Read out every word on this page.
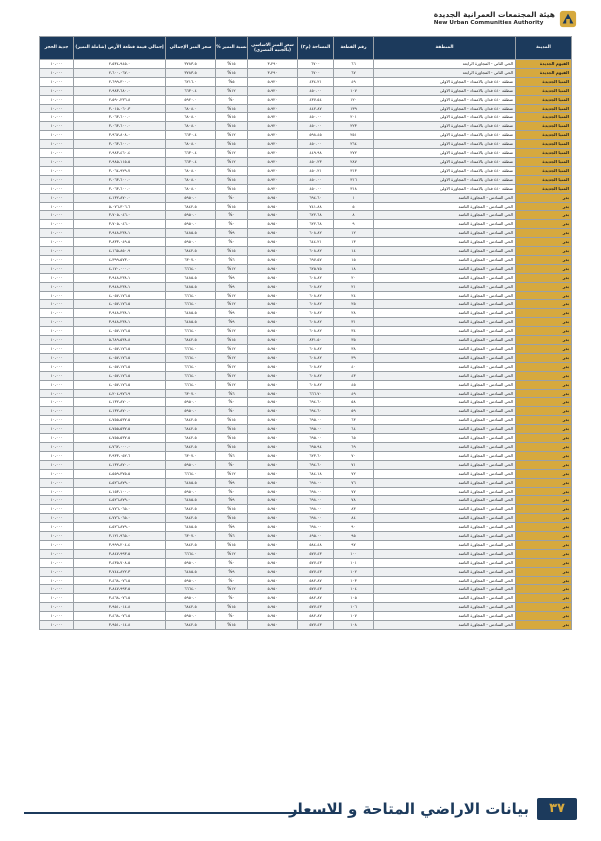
هيئة المجتمعات العمرانية الجديدة
New Urban Communities Authority
المدينة	المنطقة	رقم القطعة	المساحة (م٢)	سعر المتر الاساسي (بالجنيه المصري)	نسبة التميز %	سعر المتر الإجمالي	إجمالي قيمة قطعة الأرض (شاملة التميز)	جدية الحجز
الفيوم الجديدة	الحي الثاني - المجاورة الرابعة	٦٦	٦٧٠٠	٣،٢٩٠	١٥%	٣٧٨٣.٥	٢،٥٣٤،٩٤٥.٠	١٠،٠٠٠
الفيوم الجديدة	الحي الثاني - المجاورة الرابعة	٦٧	٦٧٠٠	٣،٢٩٠	١٥%	٣٧٨٣.٥	٢،٦٠٠،٠٦٧.٠	١٠،٠٠٠
المنيا الجديدة	منطقة ٤٤٠ فدان بالامتداد - المجاورة الاولى	٤٩	٤٣٤.٢١	٥،٩٢٠	٥%	٦٢١٦.٠	٢،٦٩٩،٣٠٠.٠	١٠،٠٠٠
المنيا الجديدة	منطقة ٤٤٠ فدان بالامتداد - المجاورة الاولى	١٠٧	٤٥٠.٠٠	٥،٩٢٠	١٢%	٦٦٣٠.٤	٢،٩٨٣،٦٨٠.٠	١٠،٠٠٠
المنيا الجديدة	منطقة ٤٤٠ فدان بالامتداد - المجاورة الاولى	١٢٠	٤٣٧.٥٤	٥،٩٢٠	٠%	٥٩٢٠.٠	٢،٥٩٠،٢٣٦.٨	١٠،٠٠٠
المنيا الجديدة	منطقة ٤٤٠ فدان بالامتداد - المجاورة الاولى	١٣٩	٤٤٢.٨٧	٥،٩٢٠	١٥%	٦٨٠٨.٠	٣،٠١٥،٠٦٠.٣	١٠،٠٠٠
المنيا الجديدة	منطقة ٤٤٠ فدان بالامتداد - المجاورة الاولى	٢٠١	٤٥٠.٠٠	٥،٩٢٠	١٥%	٦٨٠٨.٠	٣،٠٦٣،٦٠٠.٠	١٠،٠٠٠
المنيا الجديدة	منطقة ٤٤٠ فدان بالامتداد - المجاورة الاولى	٢٢٣	٤٥٠.٠٠	٥،٩٢٠	١٥%	٦٨٠٨.٠	٣،٠٦٣،٦٠٠.٠	١٠،٠٠٠
المنيا الجديدة	منطقة ٤٤٠ فدان بالامتداد - المجاورة الاولى	٢٥١	٥٩٨.٤٥	٥،٩٢٠	١٢%	٦٦٣٠.٤	٣،٩٦٧،٨٠٨.٠	١٠،٠٠٠
المنيا الجديدة	منطقة ٤٤٠ فدان بالامتداد - المجاورة الاولى	٢٦٤	٤٥٠.٠٠	٥،٩٢٠	١٥%	٦٨٠٨.٠	٣،٠٦٣،٦٠٠.٠	١٠،٠٠٠
المنيا الجديدة	منطقة ٤٤٠ فدان بالامتداد - المجاورة الاولى	٢٧٢	٤٤٩.٩٨	٥،٩٢٠	١٢%	٦٦٣٠.٤	٢،٩٨٣،٤٦٠.٤	١٠،٠٠٠
المنيا الجديدة	منطقة ٤٤٠ فدان بالامتداد - المجاورة الاولى	٢٨٧	٤٥٠.٢٣	٥،٩٢٠	١٢%	٦٦٣٠.٤	٢،٩٨٥،١١٥.٥	١٠،٠٠٠
المنيا الجديدة	منطقة ٤٤٠ فدان بالامتداد - المجاورة الاولى	٣١٣	٤٥٠.٢١	٥،٩٢٠	١٥%	٦٨٠٨.٠	٣،٠٦٤،٩٢٩.٧	١٠،٠٠٠
المنيا الجديدة	منطقة ٤٤٠ فدان بالامتداد - المجاورة الاولى	٣١٦	٤٥٠.٠٠	٥،٩٢٠	١٥%	٦٨٠٨.٠	٣،٠٦٣،٦٠٠.٠	١٠،٠٠٠
المنيا الجديدة	منطقة ٤٤٠ فدان بالامتداد - المجاورة الاولى	٣١٨	٤٥٠.٠٠	٥،٩٢٠	١٥%	٦٨٠٨.٠	٣،٠٦٣،٦٠٠.٠	١٠،٠٠٠
بدر	الحي السادس - المجاورة الثامنة	١	٦٩٤.٦٠	٥،٩٥٠	٠%	٥٩٥٠.٠	٤،١٣٢،٨٧٠.٠	١٠،٠٠٠
بدر	الحي السادس - المجاورة الثامنة	٥	٧٤١.٨٨	٥،٩٥٠	١٥%	٦٨٤٢.٥	٥،٠٧٦،٣٠٦.٦	١٠،٠٠٠
بدر	الحي السادس - المجاورة الثامنة	٨	٦٢٢.٦٨	٥،٩٥٠	٠%	٥٩٥٠.٠	٣،٧٠٥،٠٤٦.٠	١٠،٠٠٠
بدر	الحي السادس - المجاورة الثامنة	٩	٦٢٢.٦٨	٥،٩٥٠	٠%	٥٩٥٠.٠	٣،٧٠٥،٠٤٦.٠	١٠،٠٠٠
بدر	الحي السادس - المجاورة الثامنة	١٢	٦٠٨.٨٢	٥،٩٥٠	٩%	٦٤٨٥.٥	٣،٩٤٨،٢٣٨.١	١٠،٠٠٠
بدر	الحي السادس - المجاورة الثامنة	١٣	٦٤٤.٢١	٥،٩٥٠	٠%	٥٩٥٠.٠	٣،٨٣٣،٠٤٩.٥	١٠،٠٠٠
بدر	الحي السادس - المجاورة الثامنة	١٤	٦٠٨.٨٢	٥،٩٥٠	١٥%	٦٨٤٢.٥	٤،١٦٥،٨٥٠.٩	١٠،٠٠٠
بدر	الحي السادس - المجاورة الثامنة	١٥	٦٩٧.٥٧	٥،٩٥٠	٦%	٦٣٠٧.٠	٤،٣٩٩،٥٧٣.٠	١٠،٠٠٠
بدر	الحي السادس - المجاورة الثامنة	١٨	٦٢٥.٧٥	٥،٩٥٠	١٢%	٦٦٦٤.٠	٤،١٧٠،٠٠٠.٠	١٠،٠٠٠
بدر	الحي السادس - المجاورة الثامنة	٢٠	٦٠٨.٨٢	٥،٩٥٠	٩%	٦٤٨٥.٥	٣،٩٤٨،٢٣٨.١	١٠،٠٠٠
بدر	الحي السادس - المجاورة الثامنة	٢١	٦٠٨.٨٢	٥،٩٥٠	٩%	٦٤٨٥.٥	٣،٩٤٨،٢٣٨.١	١٠،٠٠٠
بدر	الحي السادس - المجاورة الثامنة	٢٤	٦٠٨.٨٢	٥،٩٥٠	١٢%	٦٦٦٤.٠	٤،٠٥٧،١٧٦.٥	١٠،٠٠٠
بدر	الحي السادس - المجاورة الثامنة	٢٥	٦٠٨.٨٢	٥،٩٥٠	١٢%	٦٦٦٤.٠	٤،٠٥٧،١٧٦.٥	١٠،٠٠٠
بدر	الحي السادس - المجاورة الثامنة	٢٨	٦٠٨.٨٢	٥،٩٥٠	٩%	٦٤٨٥.٥	٣،٩٤٨،٢٣٨.١	١٠،٠٠٠
بدر	الحي السادس - المجاورة الثامنة	٣١	٦٠٨.٨٢	٥،٩٥٠	٩%	٦٤٨٥.٥	٣،٩٤٨،٢٣٨.١	١٠،٠٠٠
بدر	الحي السادس - المجاورة الثامنة	٣٤	٦٠٨.٨٢	٥،٩٥٠	١٢%	٦٦٦٤.٠	٤،٠٥٧،١٧٦.٥	١٠،٠٠٠
بدر	الحي السادس - المجاورة الثامنة	٣٥	٨٣١.٥٠	٥،٩٥٠	١٥%	٦٨٤٢.٥	٥،٦٨٩،٥٣٨.٨	١٠،٠٠٠
بدر	الحي السادس - المجاورة الثامنة	٣٨	٦٠٨.٨٢	٥،٩٥٠	١٢%	٦٦٦٤.٠	٤،٠٥٧،١٧٦.٥	١٠،٠٠٠
بدر	الحي السادس - المجاورة الثامنة	٣٩	٦٠٨.٨٢	٥،٩٥٠	١٢%	٦٦٦٤.٠	٤،٠٥٧،١٧٦.٥	١٠،٠٠٠
بدر	الحي السادس - المجاورة الثامنة	٤٠	٦٠٨.٨٢	٥،٩٥٠	١٢%	٦٦٦٤.٠	٤،٠٥٧،١٧٦.٥	١٠،٠٠٠
بدر	الحي السادس - المجاورة الثامنة	٤٣	٦٠٨.٨٢	٥،٩٥٠	١٢%	٦٦٦٤.٠	٤،٠٥٧،١٧٦.٥	١٠،٠٠٠
بدر	الحي السادس - المجاورة الثامنة	٤٥	٦٠٨.٨٢	٥،٩٥٠	١٢%	٦٦٦٤.٠	٤،٠٥٧،١٧٦.٥	١٠،٠٠٠
بدر	الحي السادس - المجاورة الثامنة	٤٩	٦٦٦.٧٠	٥،٩٥٠	٦%	٦٣٠٧.٠	٤،٢٠٤،٩٧٦.٩	١٠،٠٠٠
بدر	الحي السادس - المجاورة الثامنة	٥٨	٦٩٤.٦٠	٥،٩٥٠	٠%	٥٩٥٠.٠	٤،١٣٢،٨٧٠.٠	١٠،٠٠٠
بدر	الحي السادس - المجاورة الثامنة	٥٩	٦٩٤.٦٠	٥،٩٥٠	٠%	٥٩٥٠.٠	٤،١٣٢،٨٧٠.٠	١٠،٠٠٠
بدر	الحي السادس - المجاورة الثامنة	٦٣	٦٩٥.٠٠	٥،٩٥٠	١٥%	٦٨٤٢.٥	٤،٧٥٥،٥٣٧.٥	١٠،٠٠٠
بدر	الحي السادس - المجاورة الثامنة	٦٤	٦٩٥.٠٠	٥،٩٥٠	١٥%	٦٨٤٢.٥	٤،٧٥٥،٥٣٧.٥	١٠،٠٠٠
بدر	الحي السادس - المجاورة الثامنة	٦٥	٦٩٥.٠٠	٥،٩٥٠	١٥%	٦٨٤٢.٥	٤،٧٥٥،٥٣٧.٥	١٠،٠٠٠
بدر	الحي السادس - المجاورة الثامنة	٦٩	٦٩٥.٩٤	٥،٩٥٠	١٥%	٦٨٤٢.٥	٤،٧٦٢،٠٠٠.٠	١٠،٠٠٠
بدر	الحي السادس - المجاورة الثامنة	٧٠	٦٢٣.٦٠	٥،٩٥٠	٦%	٦٣٠٧.٠	٣،٩٣٣،٠٥٢.٦	١٠،٠٠٠
بدر	الحي السادس - المجاورة الثامنة	٧١	٦٩٤.٦٠	٥،٩٥٠	٠%	٥٩٥٠.٠	٤،١٣٢،٨٧٠.٠	١٠،٠٠٠
بدر	الحي السادس - المجاورة الثامنة	٧٢	٦٨٤.١٨	٥،٩٥٠	١٢%	٦٦٦٤.٠	٤،٥٥٩،٣٧٥.٥	١٠،٠٠٠
بدر	الحي السادس - المجاورة الثامنة	٧٦	٦٩٨.٠٠	٥،٩٥٠	٩%	٦٤٨٥.٥	٤،٥٢٦،٨٧٩.٠	١٠،٠٠٠
بدر	الحي السادس - المجاورة الثامنة	٧٧	٦٩٨.٠٠	٥،٩٥٠	٠%	٥٩٥٠.٠	٤،١٥٣،١٠٠.٠	١٠،٠٠٠
بدر	الحي السادس - المجاورة الثامنة	٧٨	٦٩٨.٠٠	٥،٩٥٠	٩%	٦٤٨٥.٥	٤،٥٢٦،٨٧٩.٠	١٠،٠٠٠
بدر	الحي السادس - المجاورة الثامنة	٨٣	٦٩٨.٠٠	٥،٩٥٠	١٥%	٦٨٤٢.٥	٤،٧٧٦،٠٦٥.٠	١٠،٠٠٠
بدر	الحي السادس - المجاورة الثامنة	٨٤	٦٩٨.٠٠	٥،٩٥٠	١٥%	٦٨٤٢.٥	٤،٧٧٦،٠٦٥.٠	١٠،٠٠٠
بدر	الحي السادس - المجاورة الثامنة	٩٠	٦٩٨.٠٠	٥،٩٥٠	٩%	٦٤٨٥.٥	٤،٥٢٦،٨٧٩.٠	١٠،٠٠٠
بدر	الحي السادس - المجاورة الثامنة	٩٥	٤٩٥.٠٠	٥،٩٥٠	٦%	٦٣٠٧.٠	٣،١٢١،٩٦٥.٠	١٠،٠٠٠
بدر	الحي السادس - المجاورة الثامنة	٩٧	٥٨٤.٤٨	٥،٩٥٠	١٥%	٦٨٤٢.٥	٣،٩٩٩،٢٠٤.٤	١٠،٠٠٠
بدر	الحي السادس - المجاورة الثامنة	١٠٠	٥٧٧.٤٣	٥،٩٥٠	١٢%	٦٦٦٤.٠	٣،٨٤٧،٩٩٣.٥	١٠،٠٠٠
بدر	الحي السادس - المجاورة الثامنة	١٠١	٥٧٧.٤٣	٥،٩٥٠	٠%	٥٩٥٠.٠	٣،٤٣٥،٧٠٨.٥	١٠،٠٠٠
بدر	الحي السادس - المجاورة الثامنة	١٠٢	٥٧٧.٤٣	٥،٩٥٠	٩%	٦٤٨٥.٥	٣،٧٤٤،٨٢٢.٣	١٠،٠٠٠
بدر	الحي السادس - المجاورة الثامنة	١٠٣	٥٨٢.٨٧	٥،٩٥٠	٠%	٥٩٥٠.٠	٣،٤٦٨،٠٧٦.٥	١٠،٠٠٠
بدر	الحي السادس - المجاورة الثامنة	١٠٤	٥٧٧.٤٣	٥،٩٥٠	١٢%	٦٦٦٤.٠	٣،٨٤٧،٩٩٣.٥	١٠،٠٠٠
بدر	الحي السادس - المجاورة الثامنة	١٠٥	٥٨٢.٨٧	٥،٩٥٠	٠%	٥٩٥٠.٠	٣،٤٦٨،٠٧٦.٥	١٠،٠٠٠
بدر	الحي السادس - المجاورة الثامنة	١٠٦	٥٧٧.٤٣	٥،٩٥٠	١٥%	٦٨٤٢.٥	٣،٩٥١،٠١٤.٨	١٠،٠٠٠
بدر	الحي السادس - المجاورة الثامنة	١٠٧	٥٨٢.٨٧	٥،٩٥٠	٠%	٥٩٥٠.٠	٣،٤٦٨،٠٧٦.٥	١٠،٠٠٠
بدر	الحي السادس - المجاورة الثامنة	١٠٨	٥٧٧.٤٣	٥،٩٥٠	١٥%	٦٨٤٢.٥	٣،٩٥١،٠١٤.٨	١٠،٠٠٠
بيانات الاراضي المتاحة و الاسعار	٣٧
